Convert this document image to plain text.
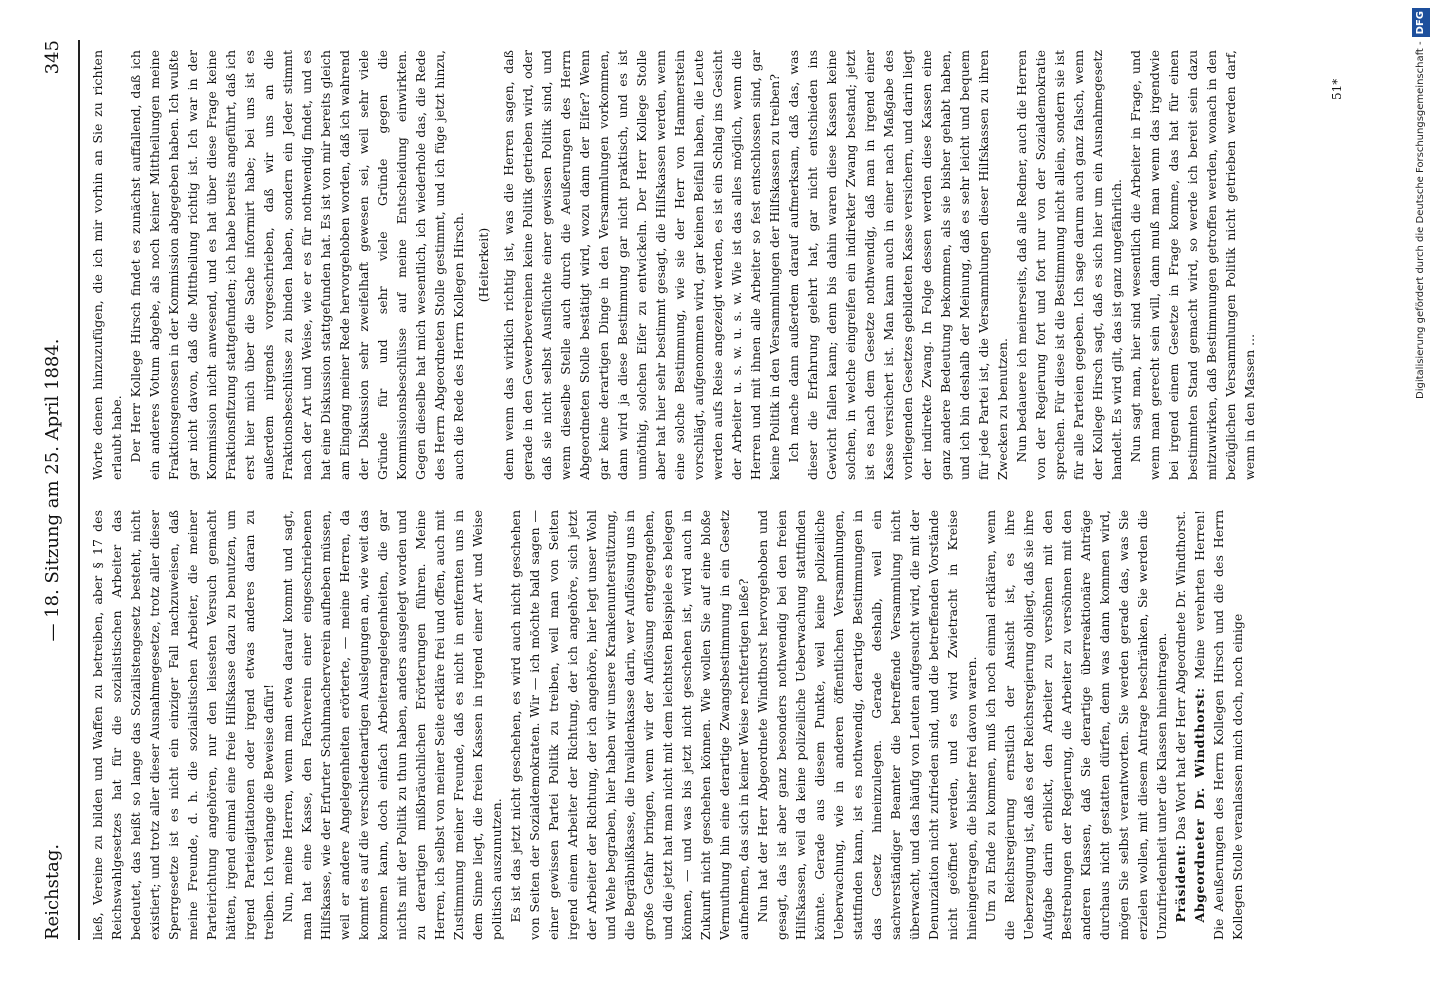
Reichstag.
— 18. Sitzung am 25. April 1884.
345

ließ, Vereine zu bilden und Waffen zu betreiben, aber § 17 des Reichswahlgesetzes hat für die sozialistischen Arbeiter das bedeutet, das heißt so lange das Sozialistengesetz besteht, nicht existiert; und trotz aller dieser Ausnahmegesetze, trotz aller dieser Sperrgesetze ist es nicht ein einziger Fall nachzuweisen, daß meine Freunde, d. h. die sozialistischen Arbeiter, die meiner Parteirichtung angehören, nur den leisesten Versuch gemacht hätten, irgend einmal eine freie Hilfskasse dazu zu benutzen, um irgend Parteiagitationen oder irgend etwas anderes daran zu treiben. Ich verlange die Beweise dafür! Nun, meine Herren, wenn man etwa darauf kommt und sagt, man hat eine Kasse, den Fachverein einer eingeschriebenen Hilfskasse, wie der Erfurter Schuhmacherverein aufheben müssen, weil er andere Angelegenheiten erörterte, — meine Herren, da kommt es auf die verschiedenartigen Auslegungen an, wie weit das kommen kann, doch einfach Arbeiterangelegenheiten, die gar nichts mit der Politik zu thun haben, anders ausgelegt worden und zu derartigen mißbräuchlichen Erörterungen führen. Meine Herren, ich selbst von meiner Seite erkläre frei und offen, auch mit Zustimmung meiner Freunde, daß es nicht in entfernten uns in dem Sinne liegt, die freien Kassen in irgend einer Art und Weise politisch auszunutzen. Es ist das jetzt nicht geschehen, es wird auch nicht geschehen von Seiten der Sozialdemokraten. Wir — ich möchte bald sagen — einer gewissen Partei Politik zu treiben, weil man von Seiten irgend einem Arbeiter der Richtung, der ich angehöre, sich jetzt der Arbeiter der Richtung, der ich angehöre, hier legt unser Wohl und Wehe begraben, hier haben wir unsere Krankenunterstützung, die Begräbnißkasse, die Invalidenkasse darin, wer Auflösung uns in große Gefahr bringen, wenn wir der Auflösung entgegengehen, und die jetzt hat man nicht mit dem leichtsten Beispiele es belegen können, — und was bis jetzt nicht geschehen ist, wird auch in Zukunft nicht geschehen können. Wie wollen Sie auf eine bloße Vermuthung hin eine derartige Zwangsbestimmung in ein Gesetz aufnehmen, das sich in keiner Weise rechtfertigen ließe? Nun hat der Herr Abgeordnete Windthorst hervorgehoben und gesagt, das ist aber ganz besonders nothwendig bei den freien Hilfskassen, weil da keine polizeiliche Ueberwachung stattfinden könnte. Gerade aus diesem Punkte, weil keine polizeiliche Ueberwachung, wie in anderen öffentlichen Versammlungen, stattfinden kann, ist es nothwendig, derartige Bestimmungen in das Gesetz hineinzulegen. Gerade deshalb, weil ein sachverständiger Beamter die betreffende Versammlung nicht überwacht, und das häufig von Leuten aufgesucht wird, die mit der Denunziation nicht zufrieden sind, und die betreffenden Vorstände nicht geöffnet werden, und es wird Zwietracht in Kreise hineingetragen, die bisher frei davon waren. Um zu Ende zu kommen, muß ich noch einmal erklären, wenn die Reichsregierung ernstlich der Ansicht ist, es ihre Ueberzeugung ist, daß es der Reichsregierung obliegt, daß sie ihre Aufgabe darin erblickt, den Arbeiter zu versöhnen mit den Bestrebungen der Regierung, die Arbeiter zu versöhnen mit den anderen Klassen, daß Sie derartige überreaktionäre Anträge durchaus nicht gestatten dürfen, denn was dann kommen wird, mögen Sie selbst verantworten. Sie werden gerade das, was Sie erzielen wollen, mit diesem Antrage beschränken, Sie werden die Unzufriedenheit unter die Klassen hineintragen. Präsident: Das Wort hat der Herr Abgeordnete Dr. Windthorst. Abgeordneter Dr. Windthorst: Meine verehrten Herren! Die Aeußerungen des Herrn Kollegen Hirsch und die des Herrn Kollegen Stolle veranlassen mich doch, noch einige

Worte denen hinzuzufügen, die ich mir vorhin an Sie zu richten erlaubt habe. Der Herr Kollege Hirsch findet es zunächst auffallend, daß ich ein anderes Votum abgebe, als noch keiner Mittheilungen meine Fraktionsgenossen in der Kommission abgegeben haben. Ich wußte gar nicht davon, daß die Mittheilung richtig ist. Ich war in der Kommission nicht anwesend, und es hat über diese Frage keine Fraktionsfitzung stattgefunden; ich habe bereits angeführt, daß ich erst hier mich über die Sache informirt habe; bei uns ist es außerdem nirgends vorgeschrieben, daß wir uns an die Fraktionsbeschlüsse zu binden haben, sondern ein Jeder stimmt nach der Art und Weise, wie er es für nothwendig findet, und es hat eine Diskussion stattgefunden hat. Es ist von mir bereits gleich am Eingang meiner Rede hervorgehoben worden, daß ich wahrend der Diskussion sehr zweifelhaft gewesen sei, weil sehr viele Gründe für und sehr viele Gründe gegen die Kommissionsbeschlüsse auf meine Entscheidung einwirkten. Gegen dieselbe hat mich wesentlich, ich wiederhole das, die Rede des Herrn Abgeordneten Stolle gestimmt, und ich füge jetzt hinzu, auch die Rede des Herrn Kollegen Hirsch. (Heiterkeit) denn wenn das wirklich richtig ist, was die Herren sagen, daß gerade in den Gewerbevereinen keine Politik getrieben wird, oder daß sie nicht selbst Ausflüchte einer gewissen Politik sind, und wenn dieselbe Stelle auch durch die Aeußerungen des Herrn Abgeordneten Stolle bestätigt wird, wozu dann der Eifer? Wenn gar keine derartigen Dinge in den Versammlungen vorkommen, dann wird ja diese Bestimmung gar nicht praktisch, und es ist unnöthig, solchen Eifer zu entwickeln. Der Herr Kollege Stolle aber hat hier sehr bestimmt gesagt, die Hilfskassen werden, wenn eine solche Bestimmung, wie sie der Herr von Hammerstein vorschlägt, aufgenommen wird, gar keinen Beifall haben, die Leute werden aufs Reise angezeigt werden, es ist ein Schlag ins Gesicht der Arbeiter u. s. w. u. s. w. Wie ist das alles möglich, wenn die Herren und mit ihnen alle Arbeiter so fest entschlossen sind, gar keine Politik in den Versammlungen der Hilfskassen zu treiben? Ich mache dann außerdem darauf aufmerksam, daß das, was dieser die Erfahrung gelehrt hat, gar nicht entschieden ins Gewicht fallen kann; denn bis dahin waren diese Kassen keine solchen, in welche eingreifen ein indirekter Zwang bestand; jetzt ist es nach dem Gesetze nothwendig, daß man in irgend einer Kasse versichert ist. Man kann auch in einer nach Maßgabe des vorliegenden Gesetzes gebildeten Kasse versichern, und darin liegt der indirekte Zwang. In Folge dessen werden diese Kassen eine ganz andere Bedeutung bekommen, als sie bisher gehabt haben, und ich bin deshalb der Meinung, daß es sehr leicht und bequem für jede Partei ist, die Versammlungen dieser Hilfskassen zu ihren Zwecken zu benutzen. Nun bedauere ich meinerseits, daß alle Redner, auch die Herren von der Regierung fort und fort nur von der Sozialdemokratie sprechen. Für diese ist die Bestimmung nicht allein, sondern sie ist für alle Parteien gegeben. Ich sage darum auch ganz falsch, wenn der Kollege Hirsch sagt, daß es sich hier um ein Ausnahmegesetz handelt. Es wird gilt, das ist ganz ungefährlich. Nun sagt man, hier sind wesentlich die Arbeiter in Frage, und wenn man gerecht sein will, dann muß man wenn das irgendwie bei irgend einem Gesetze in Frage komme, das hat für einen bestimmten Stand gemacht wird, so werde ich bereit sein dazu mitzuwirken, daß Bestimmungen getroffen werden, wonach in den bezüglichen Versammlungen Politik nicht getrieben werden darf, wenn in den Massen ...

51*	Digitalisierung gefördert durch die Deutsche Forschungsgemeinschaft -DFG
